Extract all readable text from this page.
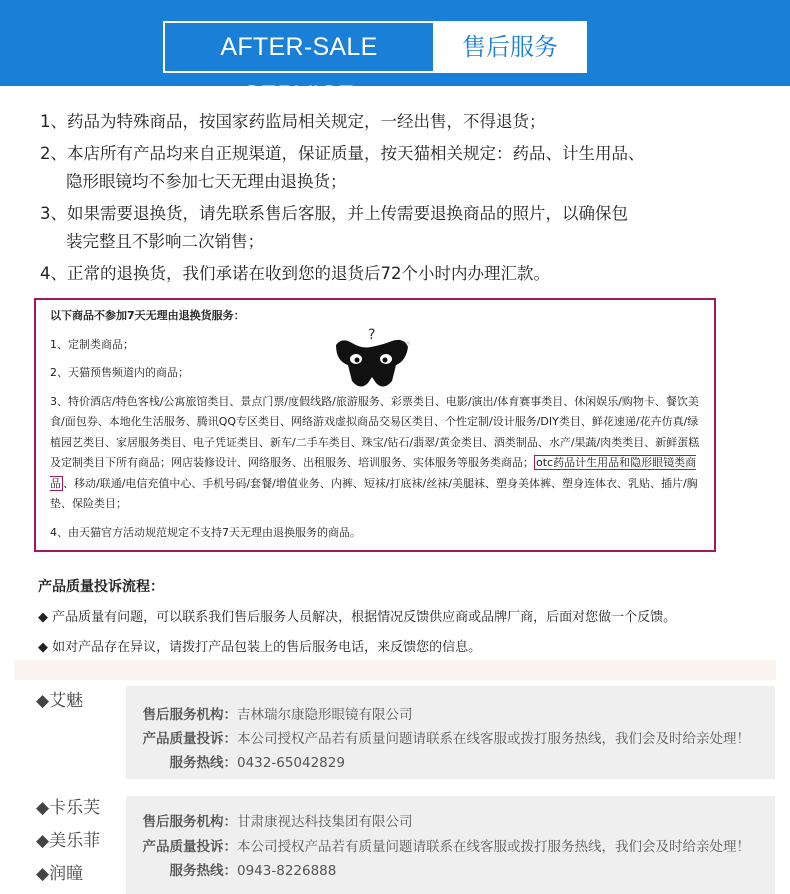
AFTER-SALE SERVICE
售后服务
1、药品为特殊商品，按国家药监局相关规定，一经出售，不得退货；
2、本店所有产品均来自正规渠道，保证质量，按天猫相关规定：药品、计生用品、
隐形眼镜均不参加七天无理由退换货；
3、如果需要退换货，请先联系售后客服，并上传需要退换商品的照片，以确保包
装完整且不影响二次销售；
4、正常的退换货，我们承诺在收到您的退货后72个小时内办理汇款。
以下商品不参加7天无理由退换货服务：
1、定制类商品；
2、天猫预售频道内的商品；
3、特价酒店/特色客栈/公寓旅馆类目、景点门票/度假线路/旅游服务、彩票类目、电影/演出/体育赛事类目、休闲娱乐/购物卡、餐饮美食/面包券、本地化生活服务、腾讯QQ专区类目、网络游戏虚拟商品交易区类目、个性定制/设计服务/DIY类目、鲜花速递/花卉仿真/绿植园艺类目、家居服务类目、电子凭证类目、新车/二手车类目、珠宝/钻石/翡翠/黄金类目、酒类制品、水产/果蔬/肉类类目、新鲜蛋糕及定制类目下所有商品；网店装修设计、网络服务、出租服务、培训服务、实体服务等服务类商品； otc药品计生用品和隐形眼镜类商品 、移动/联通/电信充值中心、手机号码/套餐/增值业务、内裤、短袜/打底袜/丝袜/美腿袜、塑身美体裤、塑身连体衣、乳贴、插片/胸垫、保险类目；
4、由天猫官方活动规范规定不支持7天无理由退换服务的商品。
?
产品质量投诉流程：
◆ 产品质量有问题，可以联系我们售后服务人员解决，根据情况反馈供应商或品牌厂商，后面对您做一个反馈。
◆ 如对产品存在异议，请拨打产品包装上的售后服务电话，来反馈您的信息。
◆艾魅
售后服务机构：吉林瑞尔康隐形眼镜有限公司
产品质量投诉：本公司授权产品若有质量问题请联系在线客服或拨打服务热线，我们会及时给亲处理！
服务热线：0432-65042829
◆卡乐芙
◆美乐菲
◆润瞳
售后服务机构：甘肃康视达科技集团有限公司
产品质量投诉：本公司授权产品若有质量问题请联系在线客服或拨打服务热线，我们会及时给亲处理！
服务热线：0943-8226888
